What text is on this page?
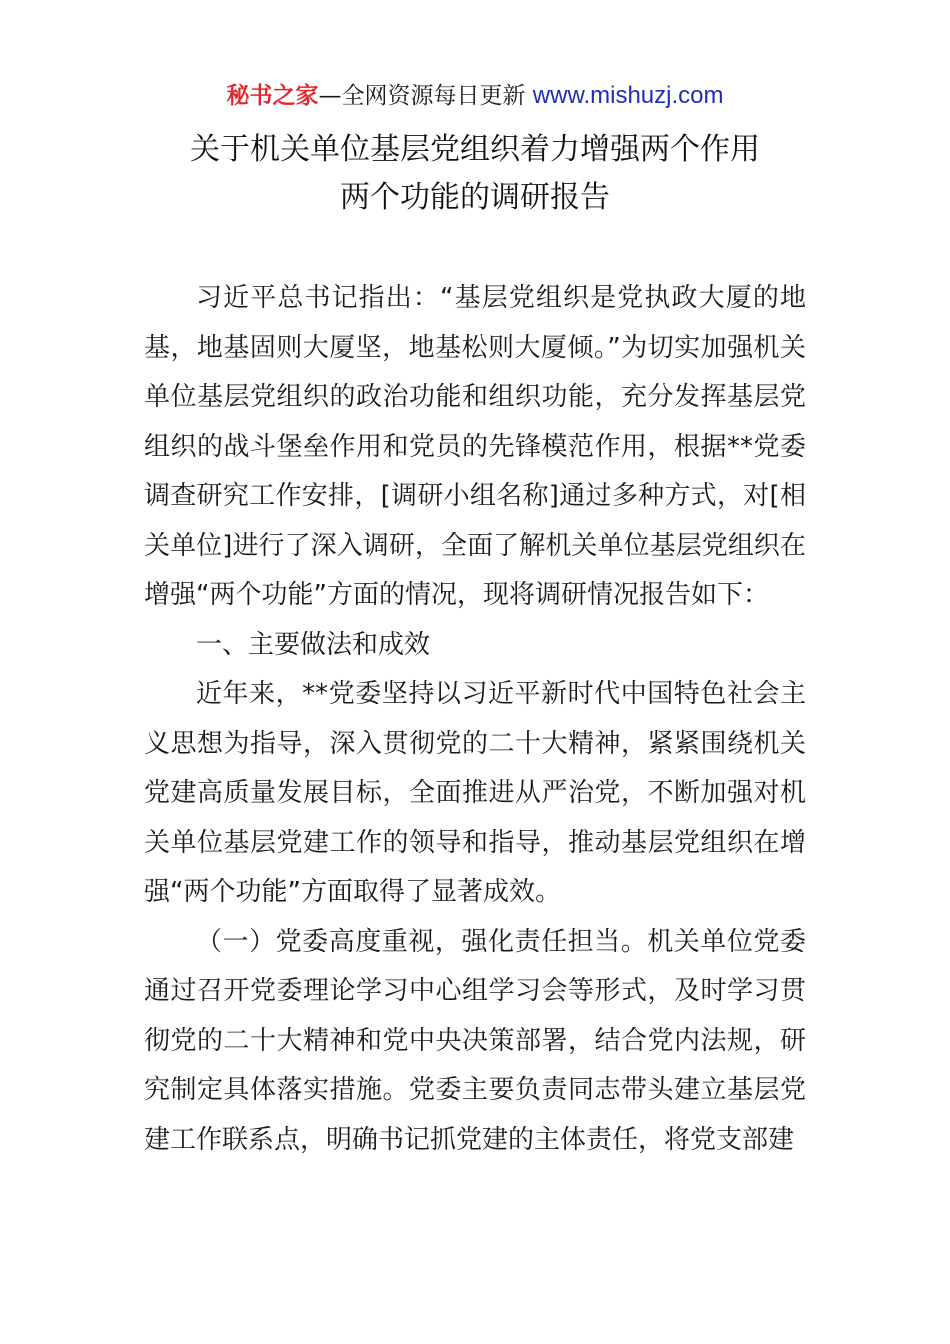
秘书之家—全网资源每日更新 www.mishuzj.com
关于机关单位基层党组织着力增强两个作用
两个功能的调研报告

习近平总书记指出：“基层党组织是党执政大厦的地基，地基固则大厦坚，地基松则大厦倾。”为切实加强机关单位基层党组织的政治功能和组织功能，充分发挥基层党组织的战斗堡垒作用和党员的先锋模范作用，根据**党委调查研究工作安排，[调研小组名称]通过多种方式，对[相关单位]进行了深入调研，全面了解机关单位基层党组织在增强“两个功能”方面的情况，现将调研情况报告如下：

一、主要做法和成效

近年来，**党委坚持以习近平新时代中国特色社会主义思想为指导，深入贯彻党的二十大精神，紧紧围绕机关党建高质量发展目标，全面推进从严治党，不断加强对机关单位基层党建工作的领导和指导，推动基层党组织在增强“两个功能”方面取得了显著成效。

（一）党委高度重视，强化责任担当。机关单位党委通过召开党委理论学习中心组学习会等形式，及时学习贯彻党的二十大精神和党中央决策部署，结合党内法规，研究制定具体落实措施。党委主要负责同志带头建立基层党建工作联系点，明确书记抓党建的主体责任，将党支部建
